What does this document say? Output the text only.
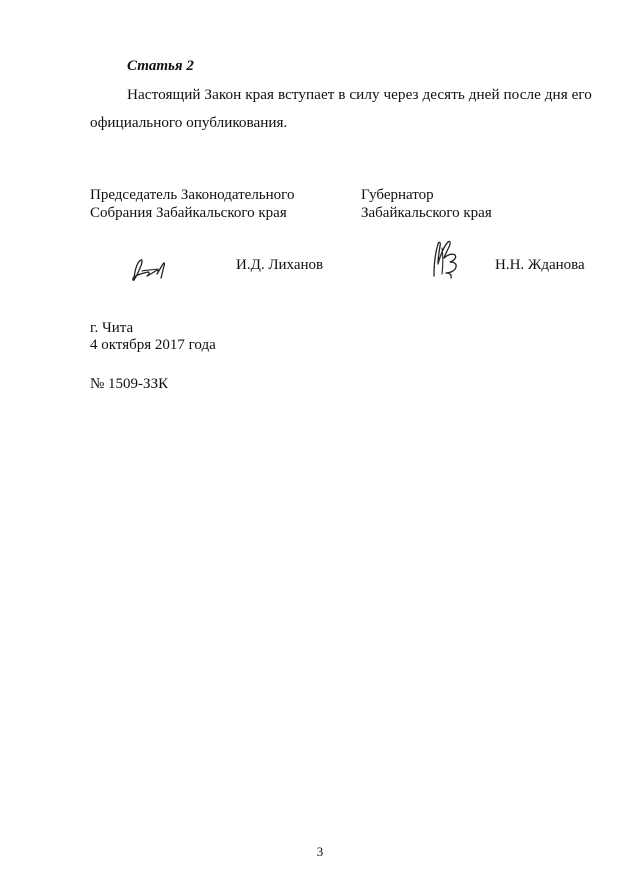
Статья 2
Настоящий Закон края вступает в силу через десять дней после дня его
официального опубликования.
Председатель Законодательного
Собрания Забайкальского края
Губернатор
Забайкальского края
И.Д. Лиханов	Н.Н. Жданова
г. Чита
4 октября 2017 года
№ 1509-ЗЗК
3
